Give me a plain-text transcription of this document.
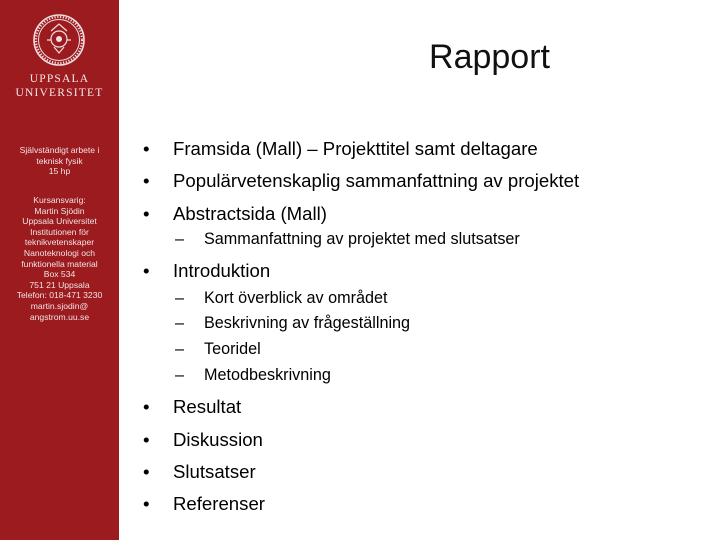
UPPSALA
UNIVERSITET
Självständigt arbete i
teknisk fysik
15 hp
Kursansvarig:
Martin Sjödin
Uppsala Universitet
Institutionen för
teknikvetenskaper
Nanoteknologi och
funktionella material
Box 534
751 21 Uppsala
Telefon: 018-471 3230
martin.sjodin@
angstrom.uu.se
Rapport
• Framsida (Mall) – Projekttitel samt deltagare
• Populärvetenskaplig sammanfattning av projektet
• Abstractsida (Mall)
– Sammanfattning av projektet med slutsatser
• Introduktion
– Kort överblick av området
– Beskrivning av frågeställning
– Teoridel
– Metodbeskrivning
• Resultat
• Diskussion
• Slutsatser
• Referenser
